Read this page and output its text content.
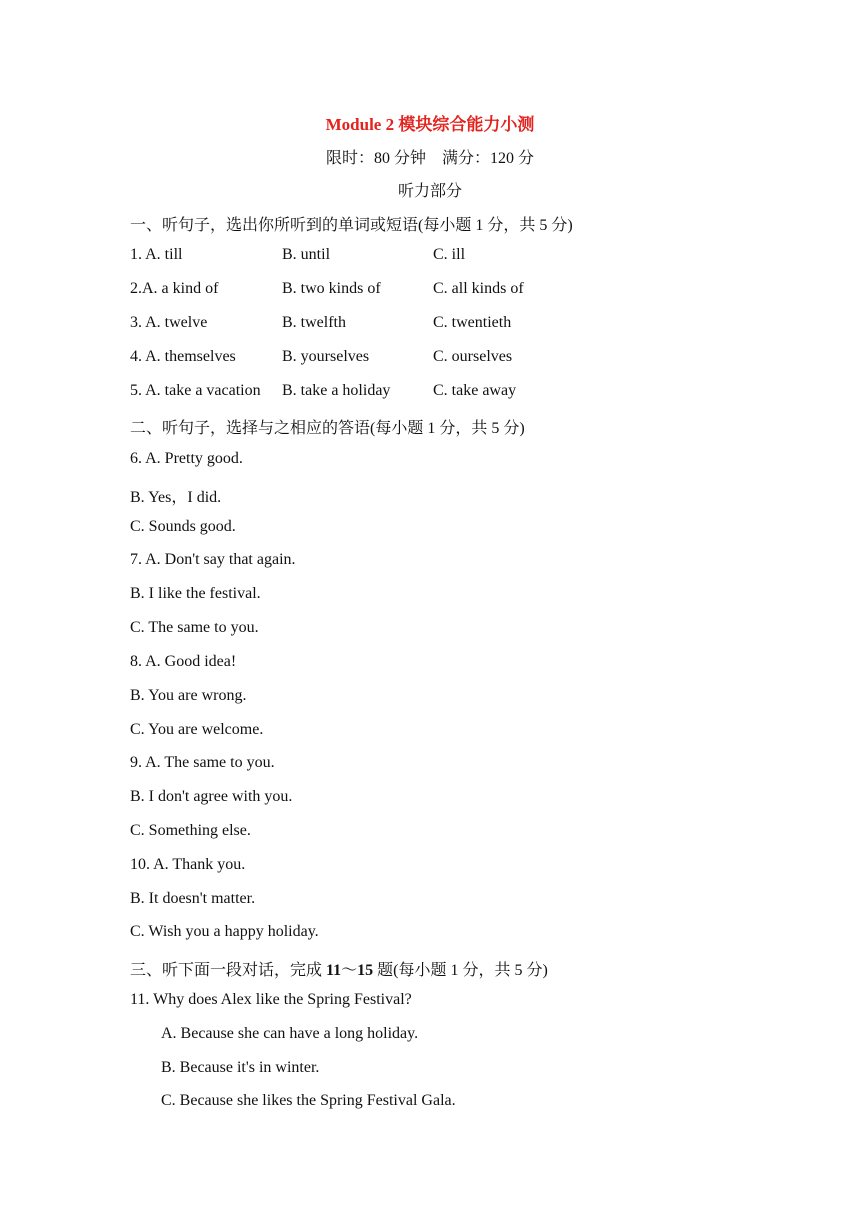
Module 2 模块综合能力小测
限时：80 分钟    满分：120 分
听力部分
一、听句子，选出你所听到的单词或短语(每小题 1 分，共 5 分)
1. A. till	B. until	C. ill
2.A. a kind of	B. two kinds of	C. all kinds of
3. A. twelve	B. twelfth	C. twentieth
4. A. themselves	B. yourselves	C. ourselves
5. A. take a vacation B. take a holiday	C. take away
二、听句子，选择与之相应的答语(每小题 1 分，共 5 分)
6. A. Pretty good.
B. Yes，I did.
C. Sounds good.
7. A. Don't say that again.
B. I like the festival.
C. The same to you.
8. A. Good idea!
B. You are wrong.
C. You are welcome.
9. A. The same to you.
B. I don't agree with you.
C. Something else.
10. A. Thank you.
B. It doesn't matter.
C. Wish you a happy holiday.
三、听下面一段对话，完成 11～15 题(每小题 1 分，共 5 分)
11. Why does Alex like the Spring Festival?
A. Because she can have a long holiday.
B. Because it's in winter.
C. Because she likes the Spring Festival Gala.
